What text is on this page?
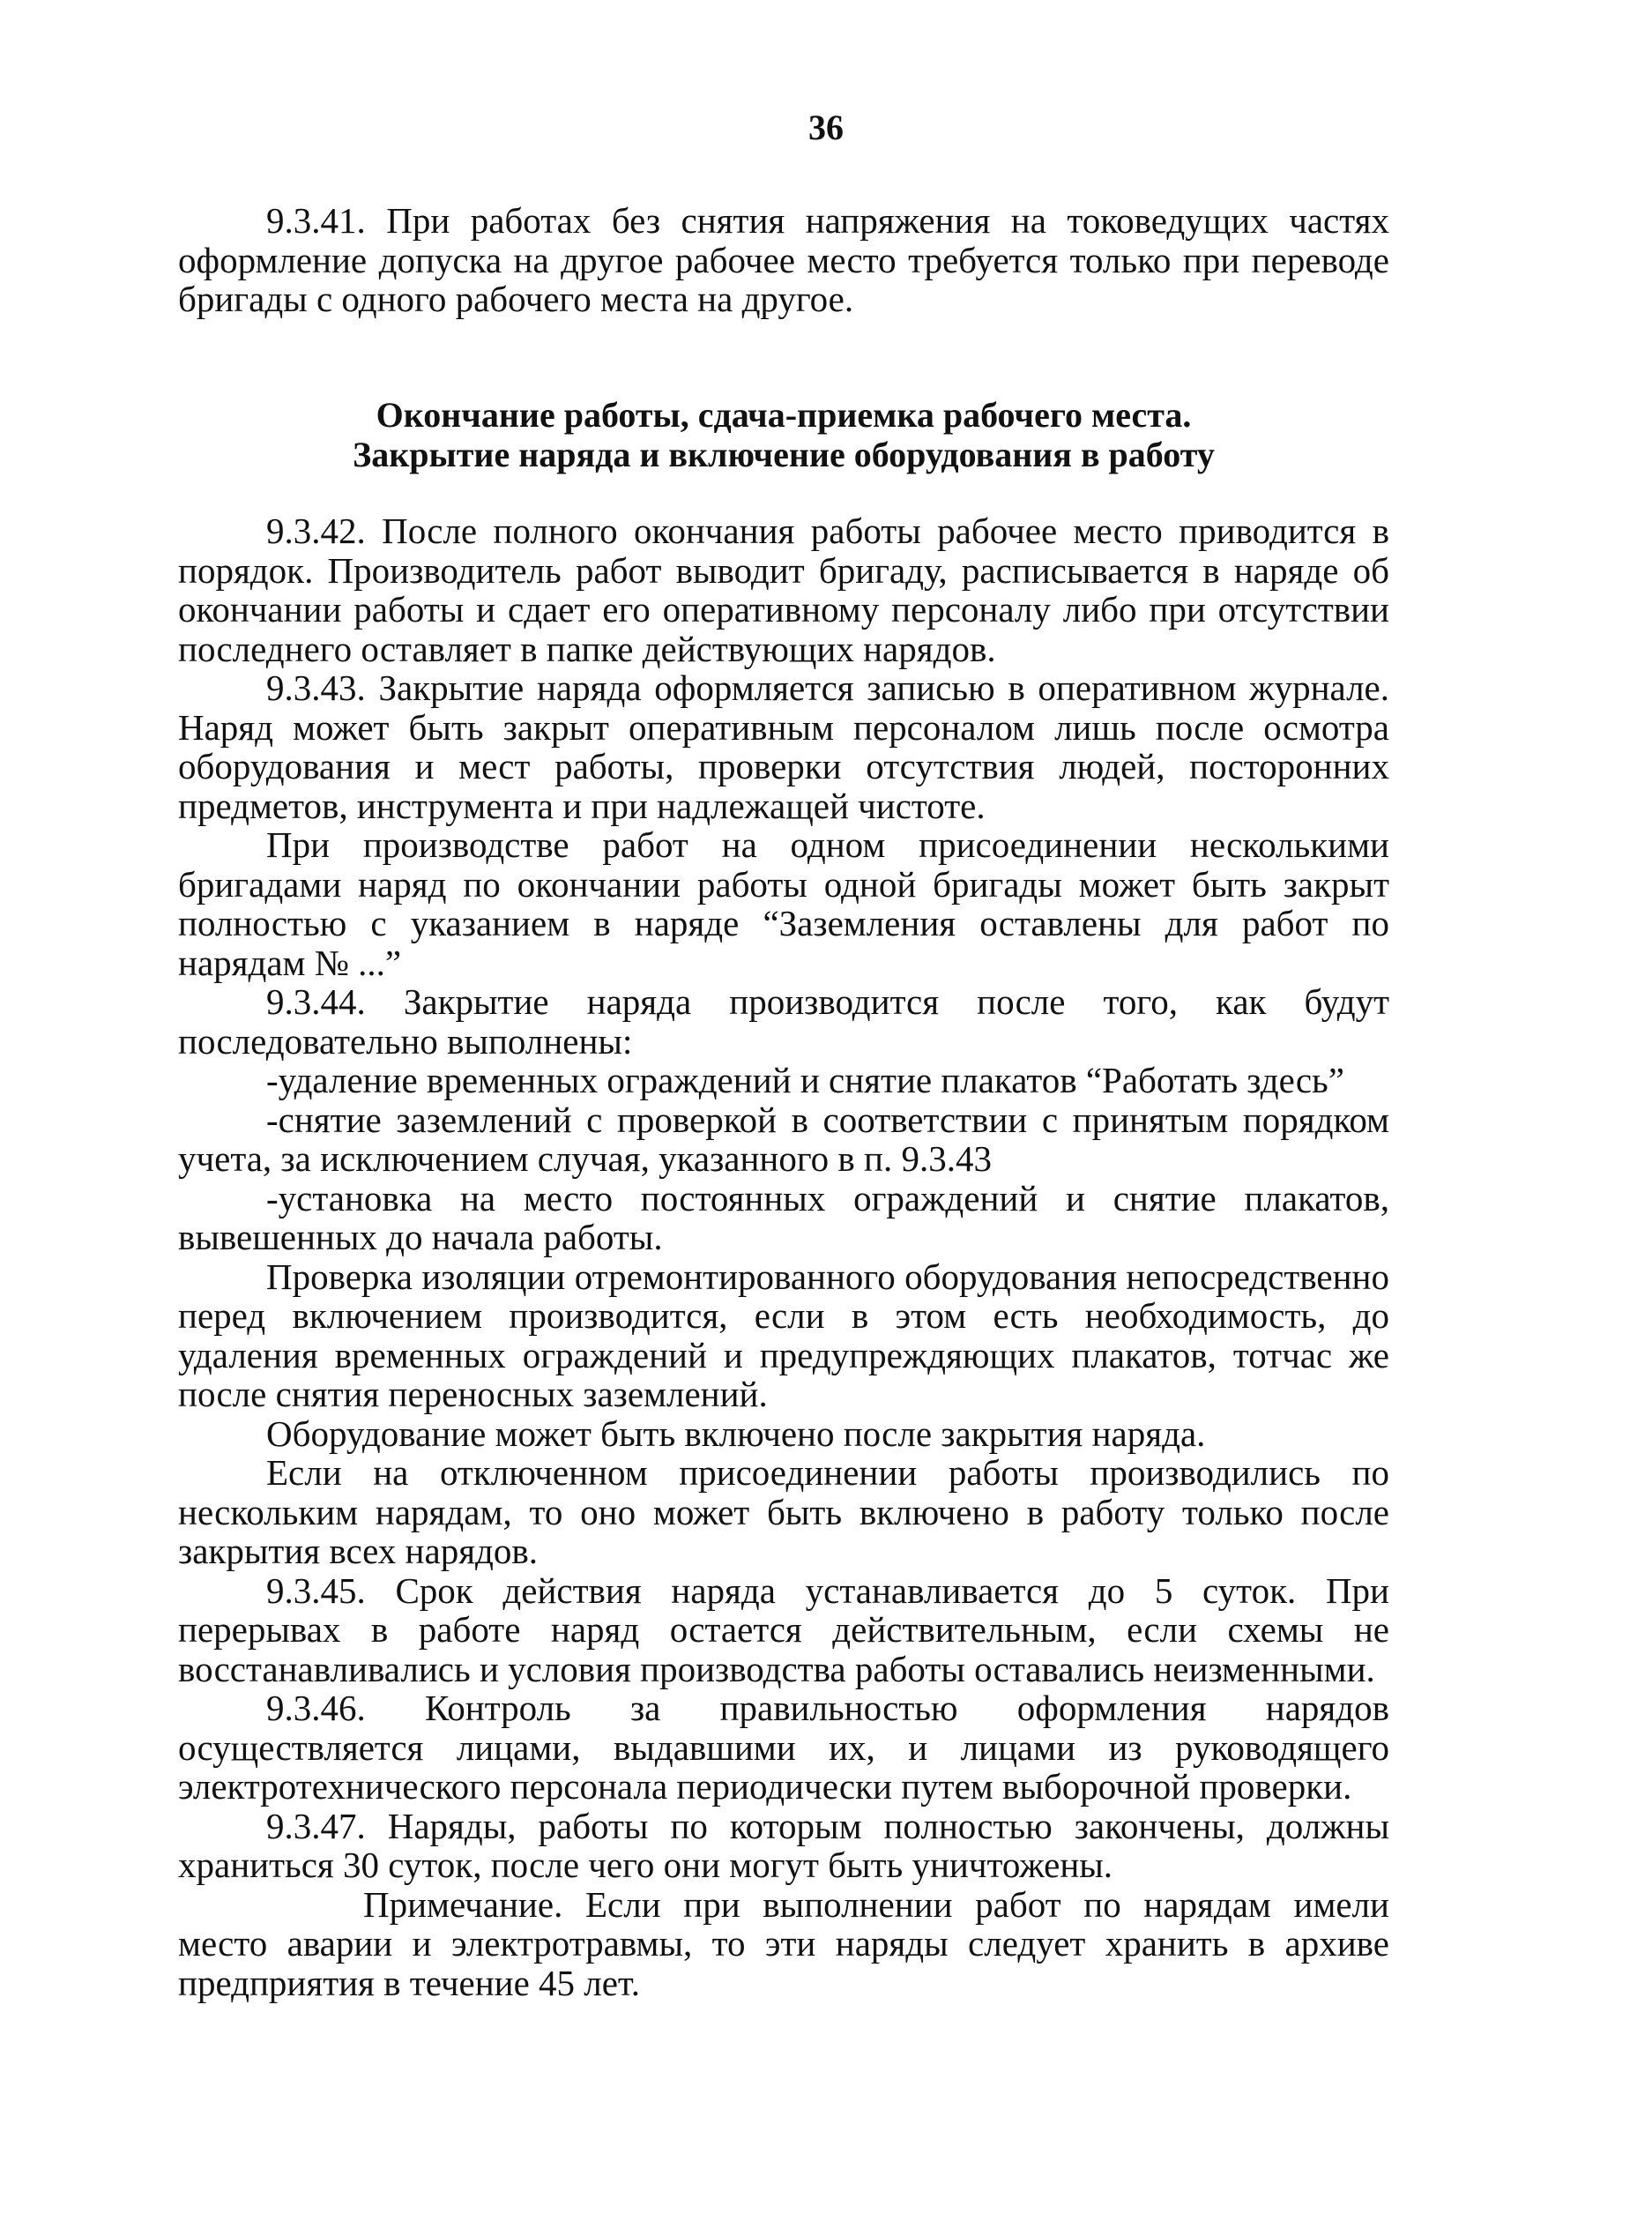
36

9.3.41. При работах без снятия напряжения на токоведущих частях оформление допуска на другое рабочее место требуется только при переводе бригады с одного рабочего места на другое.

Окончание работы, сдача-приемка рабочего места.
Закрытие наряда и включение оборудования в работу

9.3.42. После полного окончания работы рабочее место приводится в порядок. Производитель работ выводит бригаду, расписывается в наряде об окончании работы и сдает его оперативному персоналу либо при отсутствии последнего оставляет в папке действующих нарядов.

9.3.43. Закрытие наряда оформляется записью в оперативном журнале. Наряд может быть закрыт оперативным персоналом лишь после осмотра оборудования и мест работы, проверки отсутствия людей, посторонних предметов, инструмента и при надлежащей чистоте.

При производстве работ на одном присоединении несколькими бригадами наряд по окончании работы одной бригады может быть закрыт полностью с указанием в наряде “Заземления оставлены для работ по нарядам № ...”

9.3.44. Закрытие наряда производится после того, как будут последовательно выполнены:

-удаление временных ограждений и снятие плакатов “Работать здесь”

-снятие заземлений с проверкой в соответствии с принятым порядком учета, за исключением случая, указанного в п. 9.3.43

-установка на место постоянных ограждений и снятие плакатов, вывешенных до начала работы.

Проверка изоляции отремонтированного оборудования непосредственно перед включением производится, если в этом есть необходимость, до удаления временных ограждений и предупреждяющих плакатов, тотчас же после снятия переносных заземлений.

Оборудование может быть включено после закрытия наряда.

Если на отключенном присоединении работы производились по нескольким нарядам, то оно может быть включено в работу только после закрытия всех нарядов.

9.3.45. Срок действия наряда устанавливается до 5 суток. При перерывах в работе наряд остается действительным, если схемы не восстанавливались и условия производства работы оставались неизменными.

9.3.46. Контроль за правильностью оформления нарядов осуществляется лицами, выдавшими их, и лицами из руководящего электротехнического персонала периодически путем выборочной проверки.

9.3.47. Наряды, работы по которым полностью закончены, должны храниться 30 суток, после чего они могут быть уничтожены.

Примечание. Если при выполнении работ по нарядам имели место аварии и электротравмы, то эти наряды следует хранить в архиве предприятия в течение 45 лет.
